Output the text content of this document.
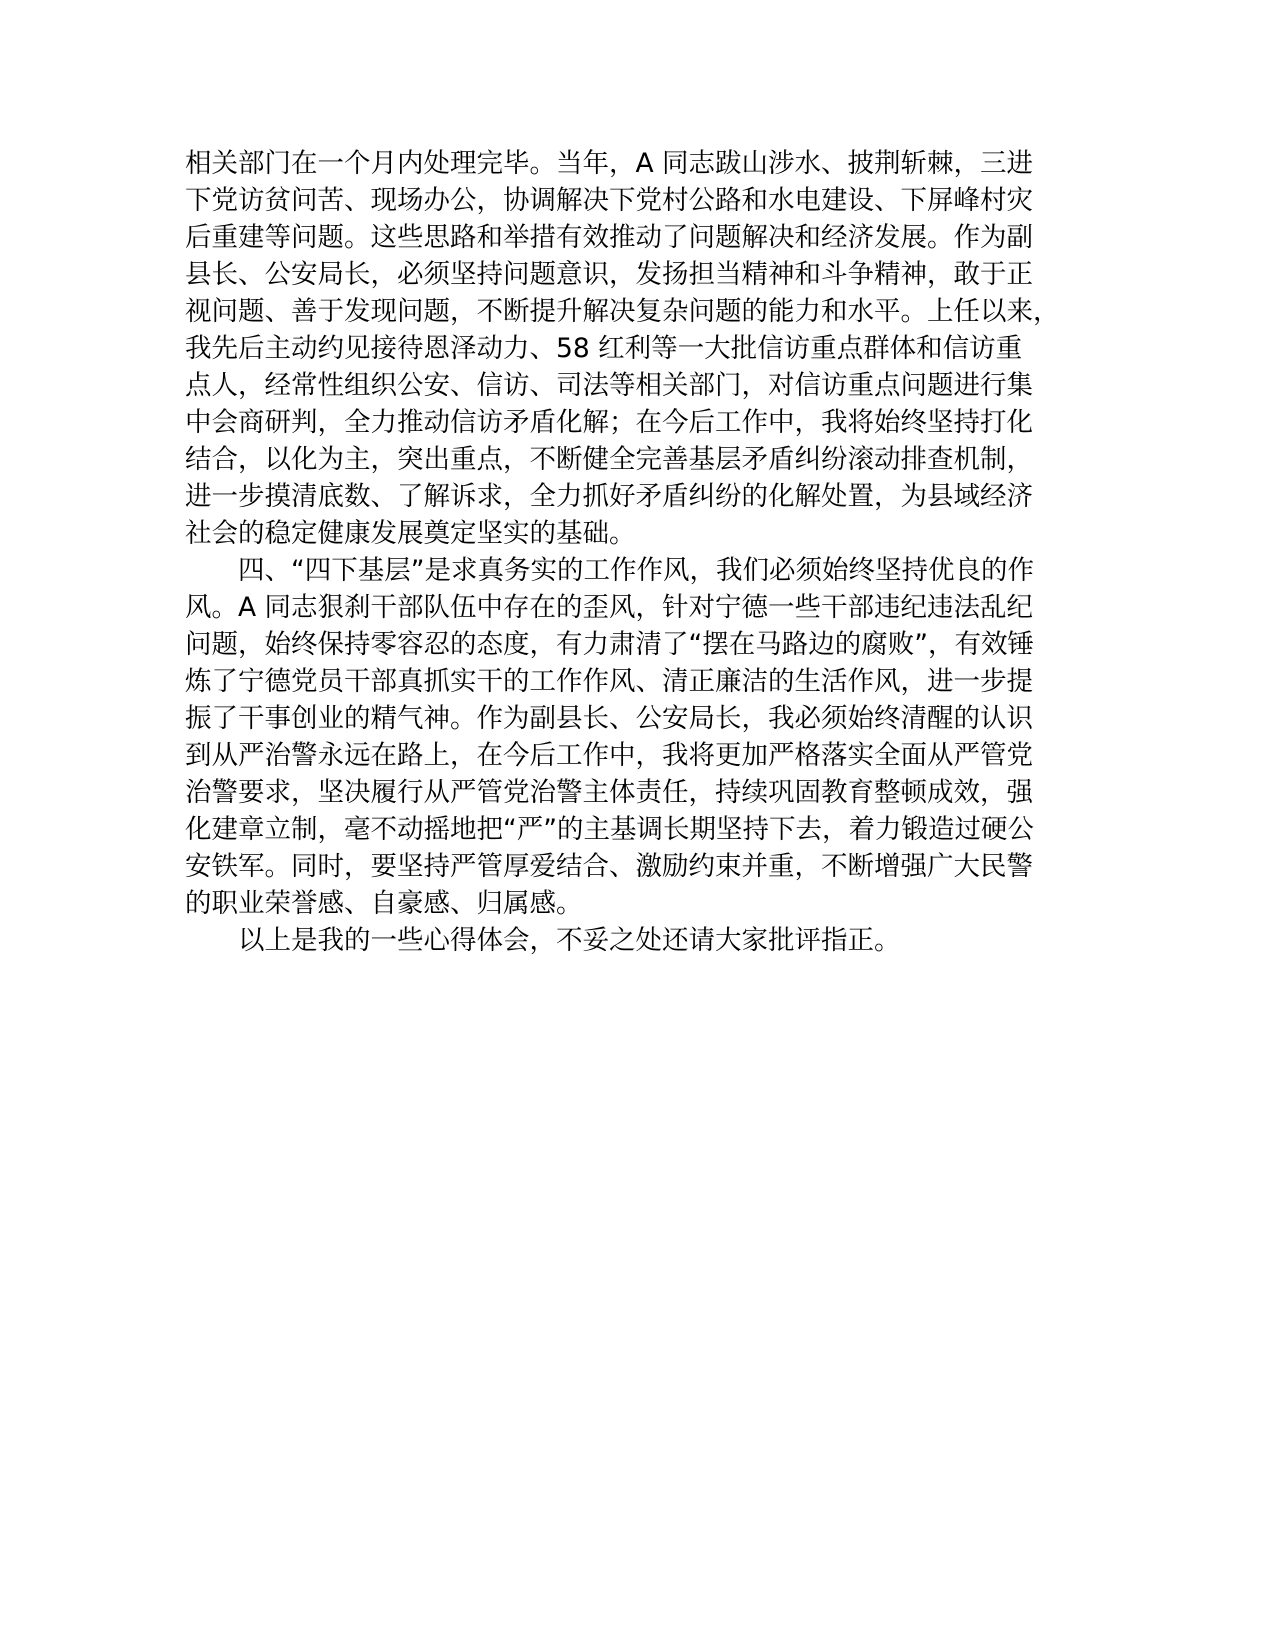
相关部门在一个月内处理完毕。当年，A 同志跋山涉水、披荆斩棘，三进
下党访贫问苦、现场办公，协调解决下党村公路和水电建设、下屏峰村灾
后重建等问题。这些思路和举措有效推动了问题解决和经济发展。作为副
县长、公安局长，必须坚持问题意识，发扬担当精神和斗争精神，敢于正
视问题、善于发现问题，不断提升解决复杂问题的能力和水平。上任以来，
我先后主动约见接待恩泽动力、58 红利等一大批信访重点群体和信访重
点人，经常性组织公安、信访、司法等相关部门，对信访重点问题进行集
中会商研判，全力推动信访矛盾化解；在今后工作中，我将始终坚持打化
结合，以化为主，突出重点，不断健全完善基层矛盾纠纷滚动排查机制，
进一步摸清底数、了解诉求，全力抓好矛盾纠纷的化解处置，为县域经济
社会的稳定健康发展奠定坚实的基础。
　　四、“四下基层”是求真务实的工作作风，我们必须始终坚持优良的作
风。A 同志狠刹干部队伍中存在的歪风，针对宁德一些干部违纪违法乱纪
问题，始终保持零容忍的态度，有力肃清了“摆在马路边的腐败”，有效锤
炼了宁德党员干部真抓实干的工作作风、清正廉洁的生活作风，进一步提
振了干事创业的精气神。作为副县长、公安局长，我必须始终清醒的认识
到从严治警永远在路上，在今后工作中，我将更加严格落实全面从严管党
治警要求，坚决履行从严管党治警主体责任，持续巩固教育整顿成效，强
化建章立制，毫不动摇地把“严”的主基调长期坚持下去，着力锻造过硬公
安铁军。同时，要坚持严管厚爱结合、激励约束并重，不断增强广大民警
的职业荣誉感、自豪感、归属感。
　　以上是我的一些心得体会，不妥之处还请大家批评指正。
